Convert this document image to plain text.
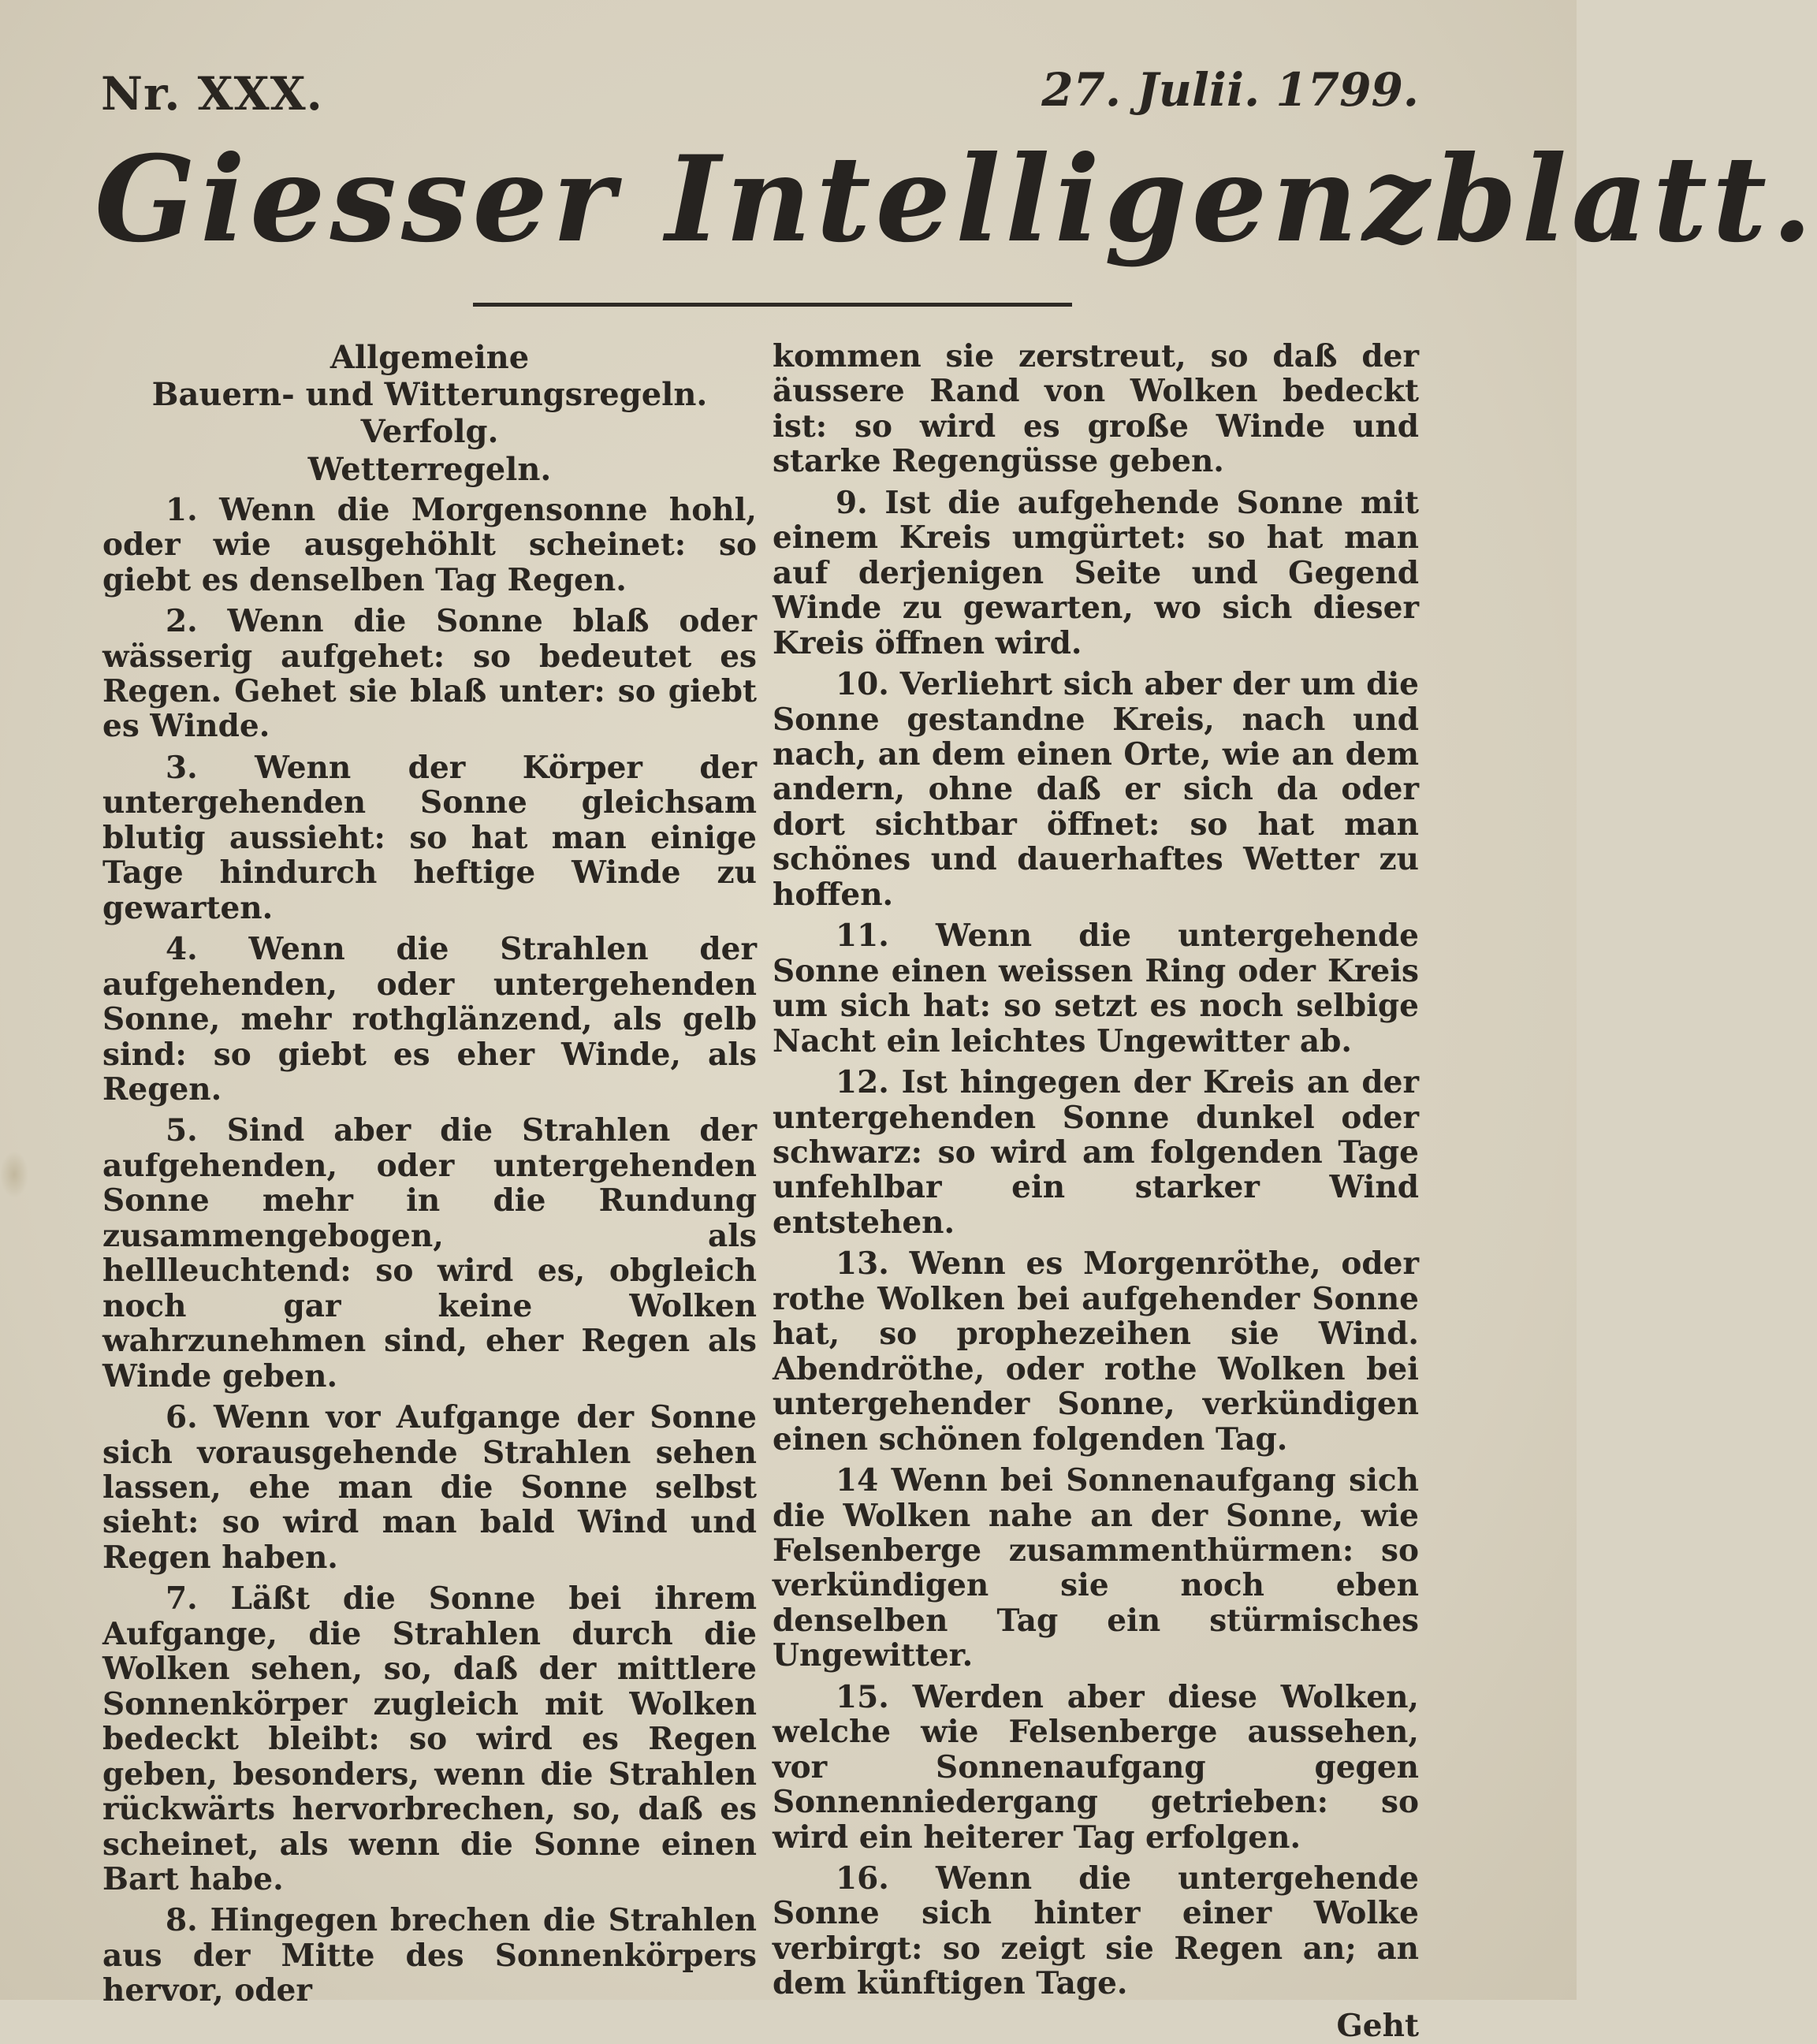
Nr. XXX.	27. Julii. 1799.
Giesser Intelligenzblatt.
Allgemeine
Bauern- und Witterungsregeln.
Verfolg.
Wetterregeln.

1. Wenn die Morgensonne hohl, oder wie ausgehöhlt scheinet: so giebt es denselben Tag Regen.

2. Wenn die Sonne blaß oder wässerig aufgehet: so bedeutet es Regen. Gehet sie blaß unter: so giebt es Winde.

3. Wenn der Körper der untergehenden Sonne gleichsam blutig aussieht: so hat man einige Tage hindurch heftige Winde zu gewarten.

4. Wenn die Strahlen der aufgehenden, oder untergehenden Sonne, mehr rothglänzend, als gelb sind: so giebt es eher Winde, als Regen.

5. Sind aber die Strahlen der aufgehenden, oder untergehenden Sonne mehr in die Rundung zusammengebogen, als hellleuchtend: so wird es, obgleich noch gar keine Wolken wahrzunehmen sind, eher Regen als Winde geben.

6. Wenn vor Aufgange der Sonne sich vorausgehende Strahlen sehen lassen, ehe man die Sonne selbst sieht: so wird man bald Wind und Regen haben.

7. Läßt die Sonne bei ihrem Aufgange, die Strahlen durch die Wolken sehen, so, daß der mittlere Sonnenkörper zugleich mit Wolken bedeckt bleibt: so wird es Regen geben, besonders, wenn die Strahlen rückwärts hervorbrechen, so, daß es scheinet, als wenn die Sonne einen Bart habe.

8. Hingegen brechen die Strahlen aus der Mitte des Sonnenkörpers hervor, oder

kommen sie zerstreut, so daß der äussere Rand von Wolken bedeckt ist: so wird es große Winde und starke Regengüsse geben.

9. Ist die aufgehende Sonne mit einem Kreis umgürtet: so hat man auf derjenigen Seite und Gegend Winde zu gewarten, wo sich dieser Kreis öffnen wird.

10. Verliehrt sich aber der um die Sonne gestandne Kreis, nach und nach, an dem einen Orte, wie an dem andern, ohne daß er sich da oder dort sichtbar öffnet: so hat man schönes und dauerhaftes Wetter zu hoffen.

11. Wenn die untergehende Sonne einen weissen Ring oder Kreis um sich hat: so setzt es noch selbige Nacht ein leichtes Ungewitter ab.

12. Ist hingegen der Kreis an der untergehenden Sonne dunkel oder schwarz: so wird am folgenden Tage unfehlbar ein starker Wind entstehen.

13. Wenn es Morgenröthe, oder rothe Wolken bei aufgehender Sonne hat, so prophezeihen sie Wind. Abendröthe, oder rothe Wolken bei untergehender Sonne, verkündigen einen schönen folgenden Tag.

14 Wenn bei Sonnenaufgang sich die Wolken nahe an der Sonne, wie Felsenberge zusammenthürmen: so verkündigen sie noch eben denselben Tag ein stürmisches Ungewitter.

15. Werden aber diese Wolken, welche wie Felsenberge aussehen, vor Sonnenaufgang gegen Sonnenniedergang getrieben: so wird ein heiterer Tag erfolgen.

16. Wenn die untergehende Sonne sich hinter einer Wolke verbirgt: so zeigt sie Regen an; an dem künftigen Tage.

Geht
